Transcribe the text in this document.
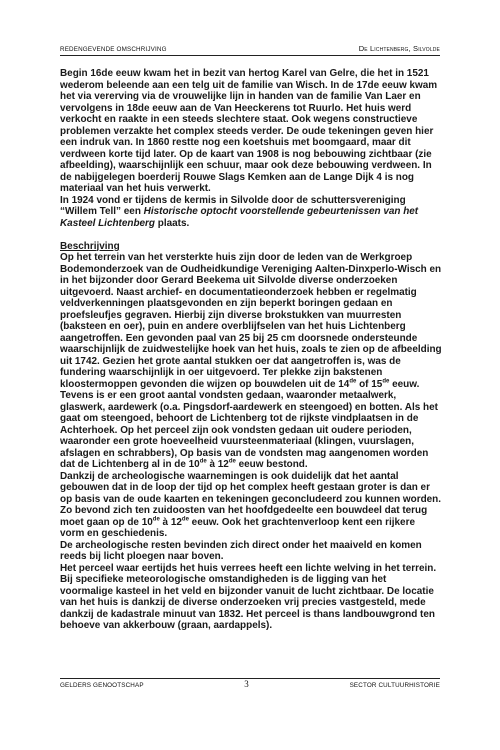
REDENGEVENDE OMSCHRIJVING	De Lichtenberg, Silvolde

Begin 16de eeuw kwam het in bezit van hertog Karel van Gelre, die het in 1521 wederom beleende aan een telg uit de familie van Wisch. In de 17de eeuw kwam het via vererving via de vrouwelijke lijn in handen van de familie Van Laer en vervolgens in 18de eeuw aan de Van Heeckerens tot Ruurlo. Het huis werd verkocht en raakte in een steeds slechtere staat. Ook wegens constructieve problemen verzakte het complex steeds verder. De oude tekeningen geven hier een indruk van. In 1860 restte nog een koetshuis met boomgaard, maar dit verdween korte tijd later. Op de kaart van 1908 is nog bebouwing zichtbaar (zie afbeelding), waarschijnlijk een schuur, maar ook deze bebouwing verdween. In de nabijgelegen boerderij Rouwe Slags Kemken aan de Lange Dijk 4 is nog materiaal van het huis verwerkt.

In 1924 vond er tijdens de kermis in Silvolde door de schuttersvereniging “Willem Tell” een Historische optocht voorstellende gebeurtenissen van het Kasteel Lichtenberg plaats.

Beschrijving

Op het terrein van het versterkte huis zijn door de leden van de Werkgroep Bodemonderzoek van de Oudheidkundige Vereniging Aalten-Dinxperlo-Wisch en in het bijzonder door Gerard Beekema uit Silvolde diverse onderzoeken uitgevoerd. Naast archief- en documentatieonderzoek hebben er regelmatig veldverkenningen plaatsgevonden en zijn beperkt boringen gedaan en proefsleufjes gegraven. Hierbij zijn diverse brokstukken van muurresten (baksteen en oer), puin en andere overblijfselen van het huis Lichtenberg aangetroffen. Een gevonden paal van 25 bij 25 cm doorsnede ondersteunde waarschijnlijk de zuidwestelijke hoek van het huis, zoals te zien op de afbeelding uit 1742. Gezien het grote aantal stukken oer dat aangetroffen is, was de fundering waarschijnlijk in oer uitgevoerd. Ter plekke zijn bakstenen kloostermoppen gevonden die wijzen op bouwdelen uit de 14de of 15de eeuw. Tevens is er een groot aantal vondsten gedaan, waaronder metaalwerk, glaswerk, aardewerk (o.a. Pingsdorf-aardewerk en steengoed) en botten. Als het gaat om steengoed, behoort de Lichtenberg tot de rijkste vindplaatsen in de Achterhoek. Op het perceel zijn ook vondsten gedaan uit oudere perioden, waaronder een grote hoeveelheid vuursteenmateriaal (klingen, vuurslagen, afslagen en schrabbers), Op basis van de vondsten mag aangenomen worden dat de Lichtenberg al in de 10de à 12de eeuw bestond.

Dankzij de archeologische waarnemingen is ook duidelijk dat het aantal gebouwen dat in de loop der tijd op het complex heeft gestaan groter is dan er op basis van de oude kaarten en tekeningen geconcludeerd zou kunnen worden. Zo bevond zich ten zuidoosten van het hoofdgedeelte een bouwdeel dat terug moet gaan op de 10de à 12de eeuw. Ook het grachtenverloop kent een rijkere vorm en geschiedenis.

De archeologische resten bevinden zich direct onder het maaiveld en komen reeds bij licht ploegen naar boven.

Het perceel waar eertijds het huis verrees heeft een lichte welving in het terrein. Bij specifieke meteorologische omstandigheden is de ligging van het voormalige kasteel in het veld en bijzonder vanuit de lucht zichtbaar. De locatie van het huis is dankzij de diverse onderzoeken vrij precies vastgesteld, mede dankzij de kadastrale minuut van 1832. Het perceel is thans landbouwgrond ten behoeve van akkerbouw (graan, aardappels).

GELDERS GENOOTSCHAP	3	SECTOR CULTUURHISTORIE
